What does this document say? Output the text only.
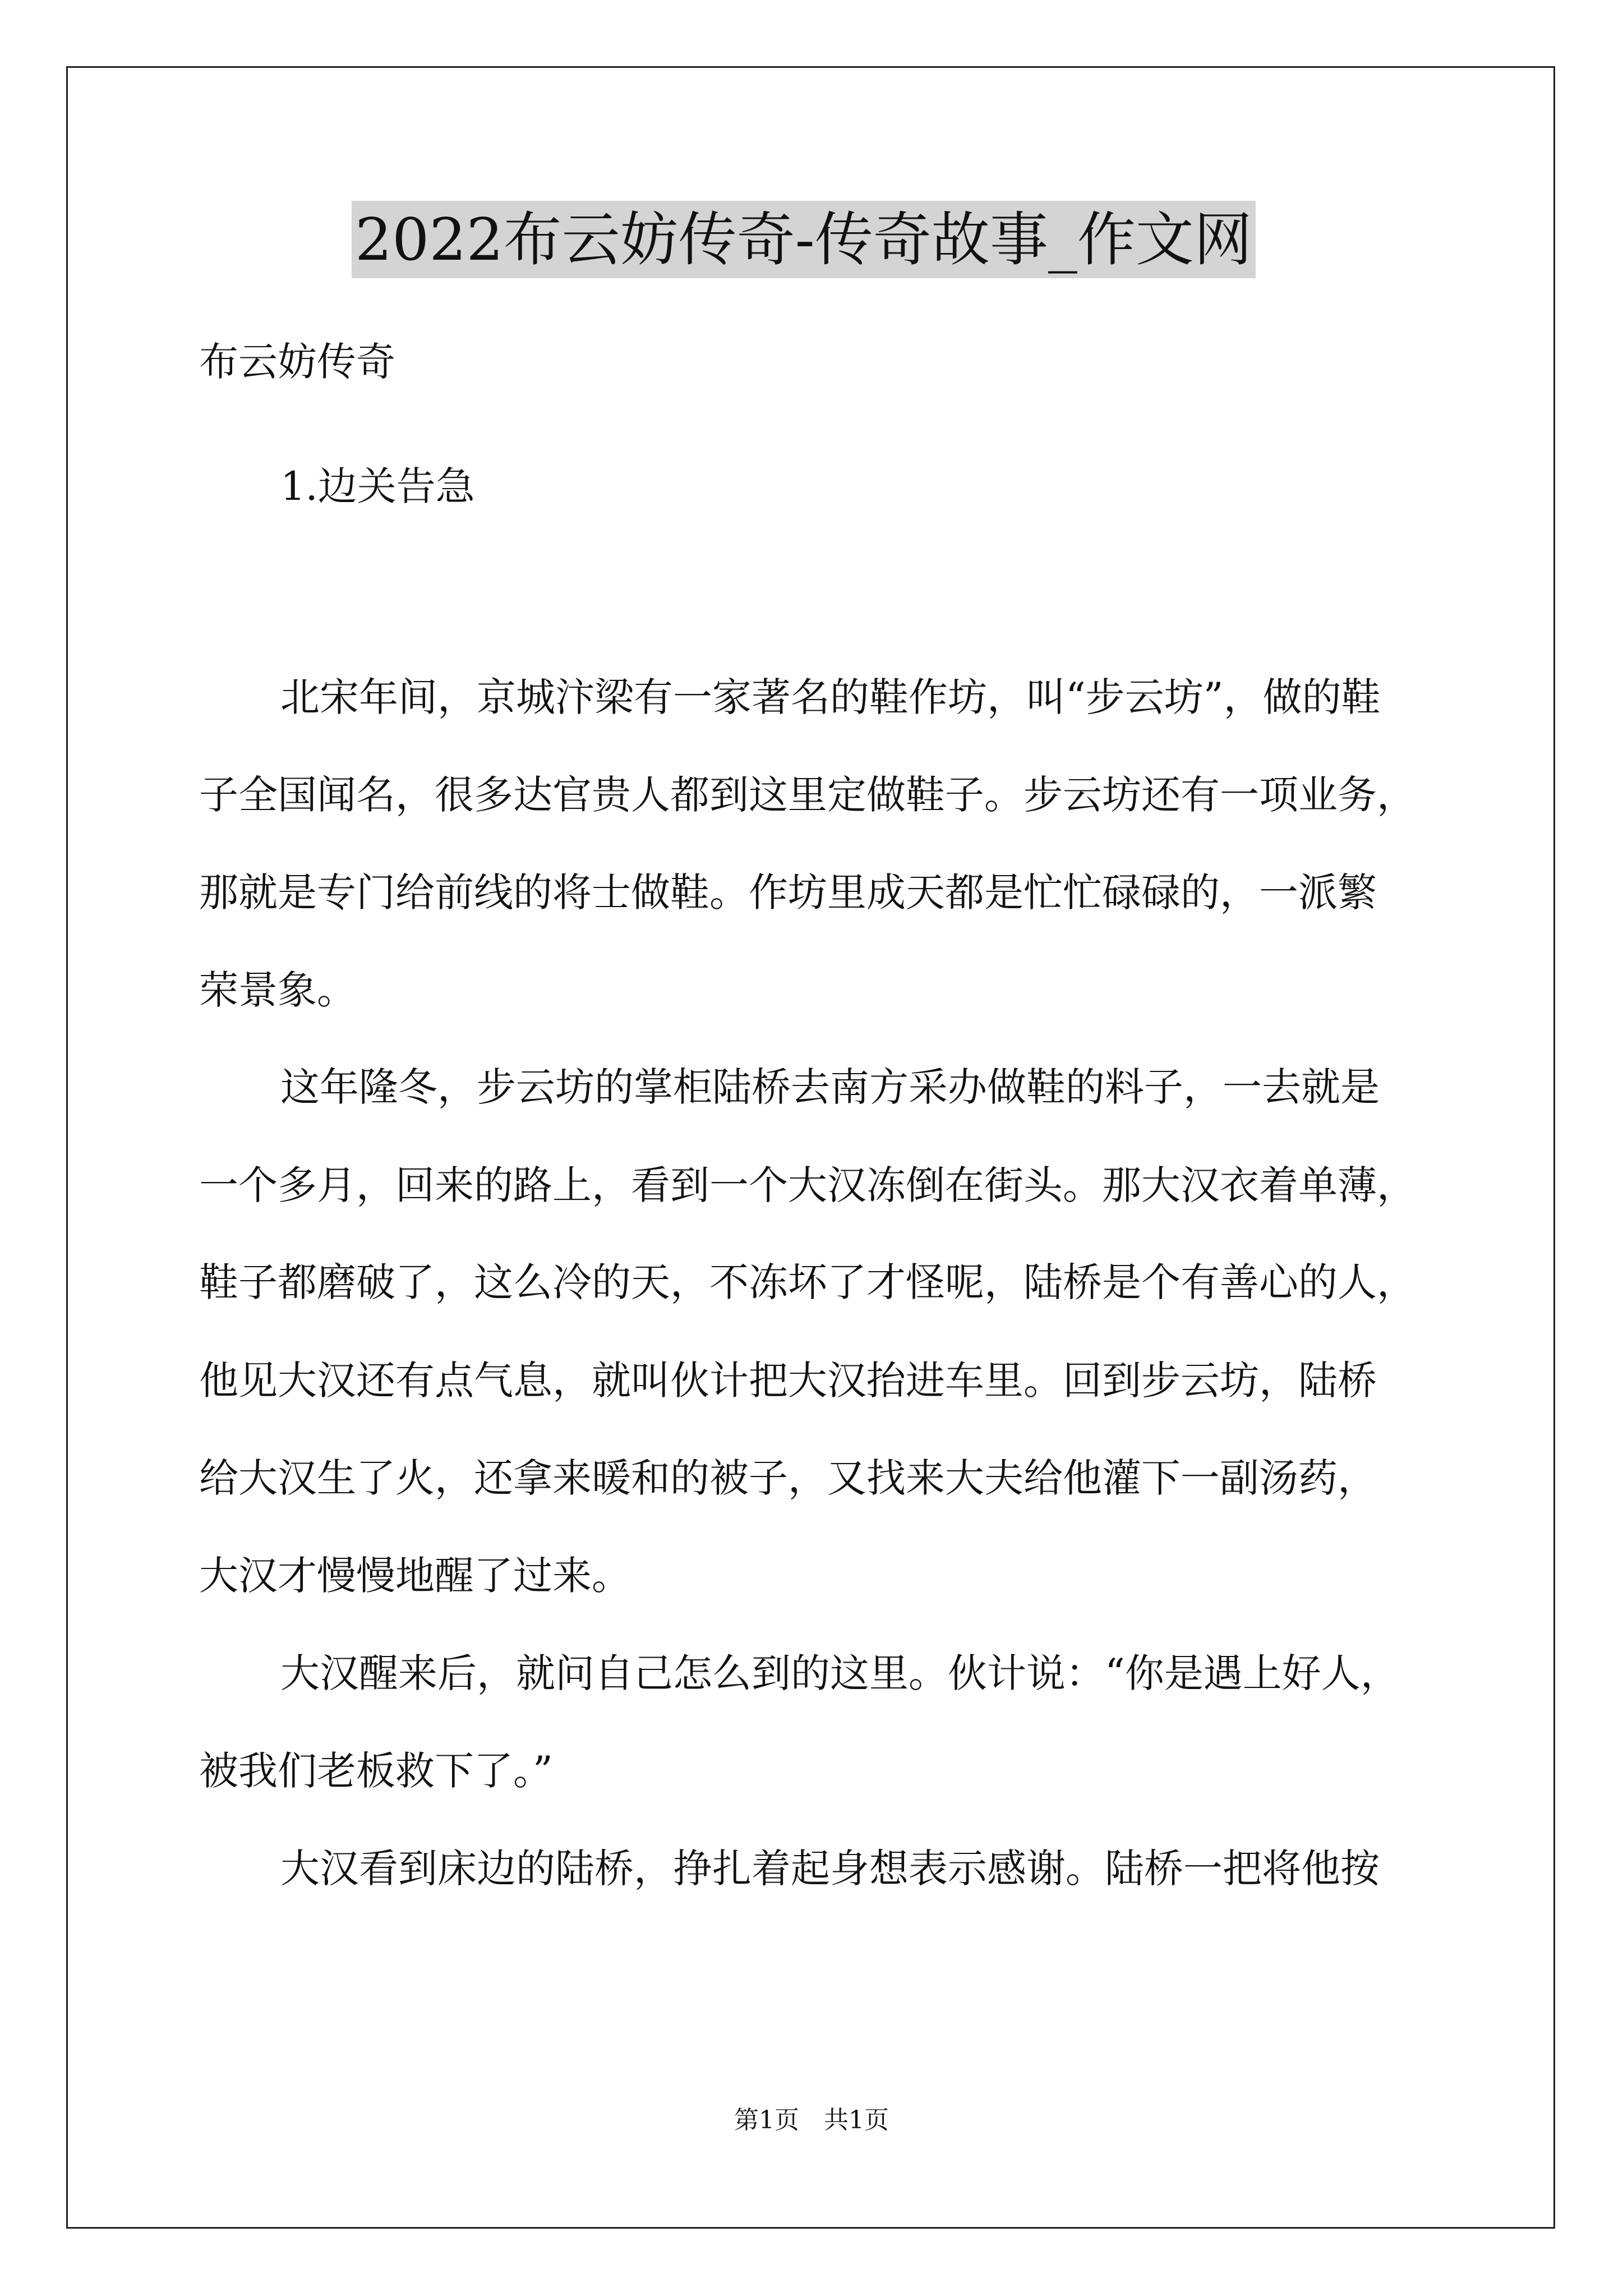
2022布云妨传奇-传奇故事_作文网
布云妨传奇
1.边关告急
北宋年间，京城汴梁有一家著名的鞋作坊，叫“步云坊”，做的鞋
子全国闻名，很多达官贵人都到这里定做鞋子。步云坊还有一项业务，
那就是专门给前线的将士做鞋。作坊里成天都是忙忙碌碌的，一派繁
荣景象。
这年隆冬，步云坊的掌柜陆桥去南方采办做鞋的料子，一去就是
一个多月，回来的路上，看到一个大汉冻倒在街头。那大汉衣着单薄，
鞋子都磨破了，这么冷的天，不冻坏了才怪呢，陆桥是个有善心的人，
他见大汉还有点气息，就叫伙计把大汉抬进车里。回到步云坊，陆桥
给大汉生了火，还拿来暖和的被子，又找来大夫给他灌下一副汤药，
大汉才慢慢地醒了过来。
大汉醒来后，就问自己怎么到的这里。伙计说：“你是遇上好人，
被我们老板救下了。”
大汉看到床边的陆桥，挣扎着起身想表示感谢。陆桥一把将他按
第1页 共1页
